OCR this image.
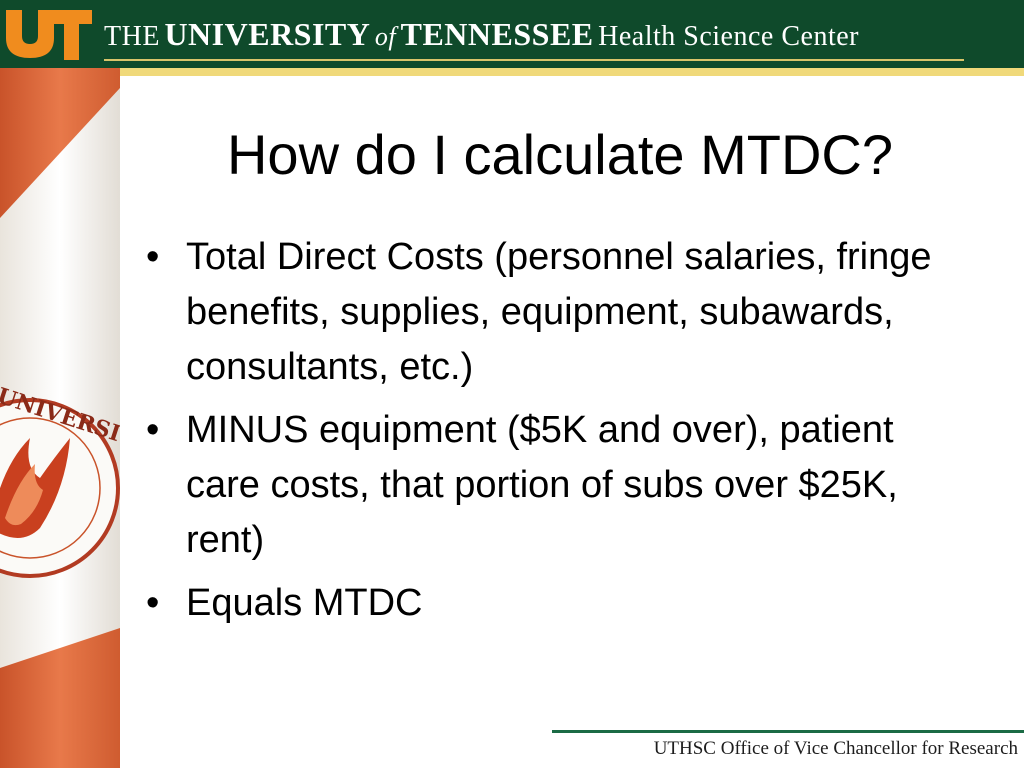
THE UNIVERSITY of TENNESSEE Health Science Center
UNIVERSITY
How do I calculate MTDC?
• Total Direct Costs (personnel salaries, fringe benefits, supplies, equipment, subawards, consultants, etc.)
• MINUS equipment ($5K and over), patient care costs, that portion of subs over $25K, rent)
• Equals MTDC
UTHSC Office of Vice Chancellor for Research
